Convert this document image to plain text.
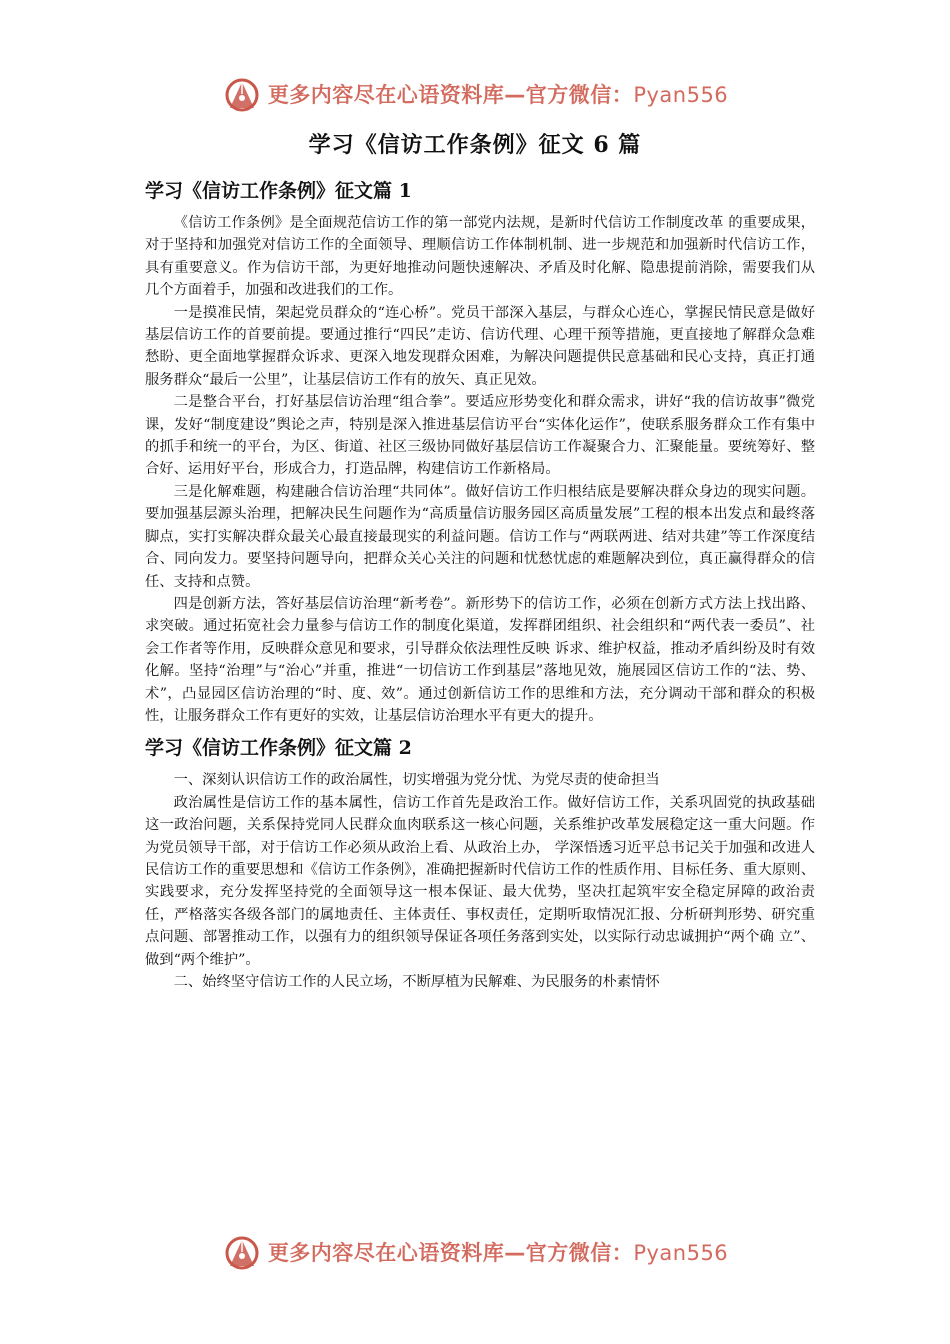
更多内容尽在心语资料库—官方微信：Pyan556
学习《信访工作条例》征文 6 篇
学习《信访工作条例》征文篇 1

《信访工作条例》是全面规范信访工作的第一部党内法规，是新时代信访工作制度改革 的重要成果，对于坚持和加强党对信访工作的全面领导、理顺信访工作体制机制、进一步规范和加强新时代信访工作，具有重要意义。作为信访干部，为更好地推动问题快速解决、矛盾及时化解、隐患提前消除，需要我们从几个方面着手，加强和改进我们的工作。

一是摸准民情，架起党员群众的“连心桥”。党员干部深入基层，与群众心连心，掌握民情民意是做好基层信访工作的首要前提。要通过推行“四民”走访、信访代理、心理干预等措施，更直接地了解群众急难愁盼、更全面地掌握群众诉求、更深入地发现群众困难，为解决问题提供民意基础和民心支持，真正打通服务群众“最后一公里”，让基层信访工作有的放矢、真正见效。

二是整合平台，打好基层信访治理“组合拳”。要适应形势变化和群众需求，讲好“我的信访故事”微党课，发好“制度建设”舆论之声，特别是深入推进基层信访平台“实体化运作”，使联系服务群众工作有集中的抓手和统一的平台，为区、街道、社区三级协同做好基层信访工作凝聚合力、汇聚能量。要统筹好、整合好、运用好平台，形成合力，打造品牌，构建信访工作新格局。

三是化解难题，构建融合信访治理“共同体”。做好信访工作归根结底是要解决群众身边的现实问题。要加强基层源头治理，把解决民生问题作为“高质量信访服务园区高质量发展”工程的根本出发点和最终落脚点，实打实解决群众最关心最直接最现实的利益问题。信访工作与“两联两进、结对共建”等工作深度结合、同向发力。要坚持问题导向，把群众关心关注的问题和忧愁忧虑的难题解决到位，真正赢得群众的信任、支持和点赞。

四是创新方法，答好基层信访治理“新考卷”。新形势下的信访工作，必须在创新方式方法上找出路、求突破。通过拓宽社会力量参与信访工作的制度化渠道，发挥群团组织、社会组织和“两代表一委员”、社会工作者等作用，反映群众意见和要求，引导群众依法理性反映 诉求、维护权益，推动矛盾纠纷及时有效化解。坚持“治理”与“治心”并重，推进“一切信访工作到基层”落地见效，施展园区信访工作的“法、势、术”，凸显园区信访治理的“时、度、效”。通过创新信访工作的思维和方法，充分调动干部和群众的积极性，让服务群众工作有更好的实效，让基层信访治理水平有更大的提升。

学习《信访工作条例》征文篇 2

一、深刻认识信访工作的政治属性，切实增强为党分忧、为党尽责的使命担当

政治属性是信访工作的基本属性，信访工作首先是政治工作。做好信访工作，关系巩固党的执政基础这一政治问题，关系保持党同人民群众血肉联系这一核心问题，关系维护改革发展稳定这一重大问题。作为党员领导干部，对于信访工作必须从政治上看、从政治上办， 学深悟透习近平总书记关于加强和改进人民信访工作的重要思想和《信访工作条例》，准确把握新时代信访工作的性质作用、目标任务、重大原则、实践要求，充分发挥坚持党的全面领导这一根本保证、最大优势，坚决扛起筑牢安全稳定屏障的政治责任，严格落实各级各部门的属地责任、主体责任、事权责任，定期听取情况汇报、分析研判形势、研究重点问题、部署推动工作，以强有力的组织领导保证各项任务落到实处，以实际行动忠诚拥护“两个确 立”、做到“两个维护”。

二、始终坚守信访工作的人民立场，不断厚植为民解难、为民服务的朴素情怀

更多内容尽在心语资料库—官方微信：Pyan556
